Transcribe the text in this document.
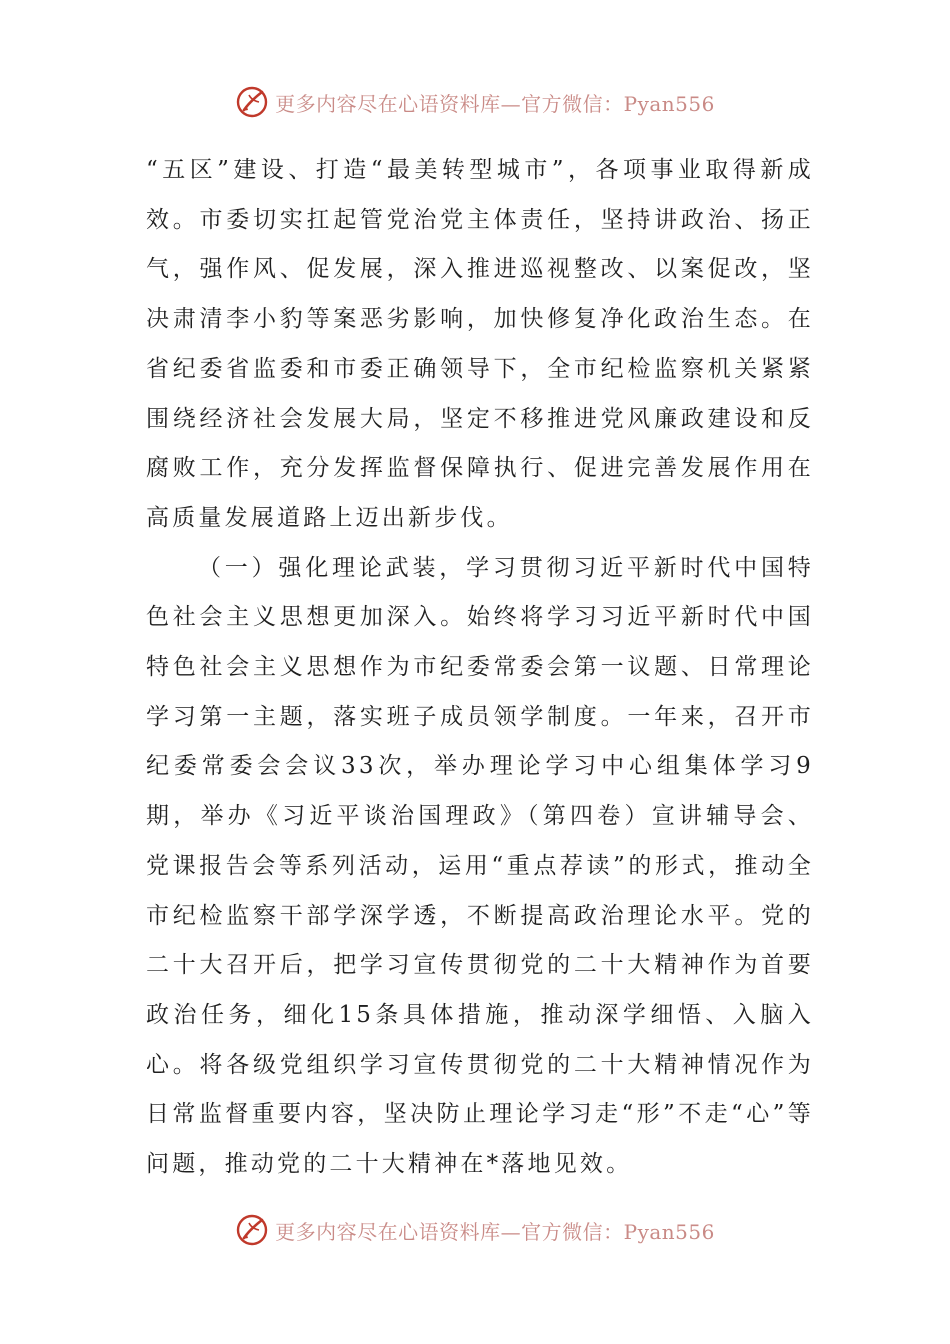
更多内容尽在心语资料库—官方微信：Pyan556

“五区”建设、打造“最美转型城市”，各项事业取得新成效。市委切实扛起管党治党主体责任，坚持讲政治、扬正气，强作风、促发展，深入推进巡视整改、以案促改，坚决肃清李小豹等案恶劣影响，加快修复净化政治生态。在省纪委省监委和市委正确领导下，全市纪检监察机关紧紧围绕经济社会发展大局，坚定不移推进党风廉政建设和反腐败工作，充分发挥监督保障执行、促进完善发展作用在高质量发展道路上迈出新步伐。

（一）强化理论武装，学习贯彻习近平新时代中国特色社会主义思想更加深入。始终将学习习近平新时代中国特色社会主义思想作为市纪委常委会第一议题、日常理论学习第一主题，落实班子成员领学制度。一年来，召开市纪委常委会会议33次，举办理论学习中心组集体学习9期，举办《习近平谈治国理政》（第四卷）宣讲辅导会、党课报告会等系列活动，运用“重点荐读”的形式，推动全市纪检监察干部学深学透，不断提高政治理论水平。党的二十大召开后，把学习宣传贯彻党的二十大精神作为首要政治任务，细化15条具体措施，推动深学细悟、入脑入心。将各级党组织学习宣传贯彻党的二十大精神情况作为日常监督重要内容，坚决防止理论学习走“形”不走“心”等问题，推动党的二十大精神在*落地见效。

更多内容尽在心语资料库—官方微信：Pyan556
